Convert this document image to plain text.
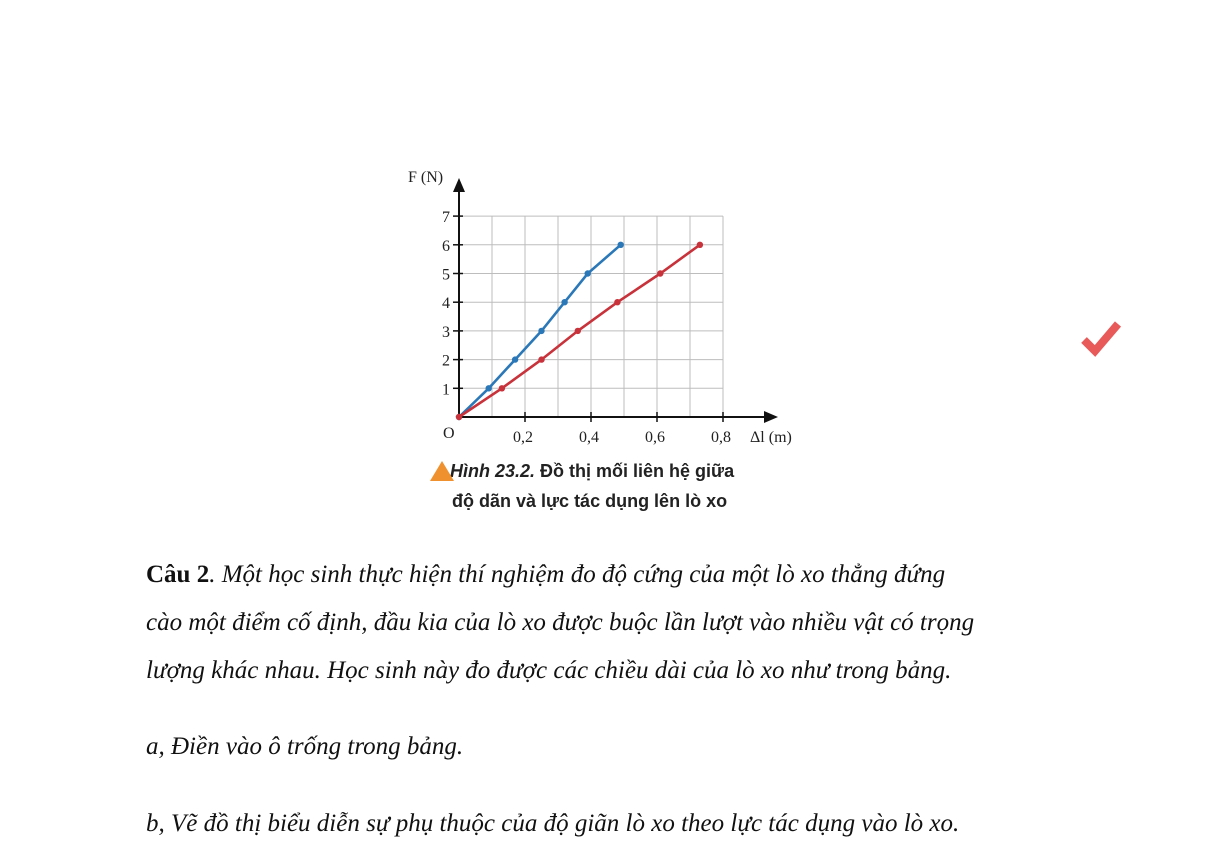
F (N)
Δl (m)
O
1
2
3
4
5
6
7
0,2	0,4	0,6	0,8
Hình 23.2. Đồ thị mối liên hệ giữa
độ dãn và lực tác dụng lên lò xo
Câu 2. Một học sinh thực hiện thí nghiệm đo độ cứng của một lò xo thẳng đứng
cào một điểm cố định, đầu kia của lò xo được buộc lần lượt vào nhiều vật có trọng
lượng khác nhau. Học sinh này đo được các chiều dài của lò xo như trong bảng.
a, Điền vào ô trống trong bảng.
b, Vẽ đồ thị biểu diễn sự phụ thuộc của độ giãn lò xo theo lực tác dụng vào lò xo.
